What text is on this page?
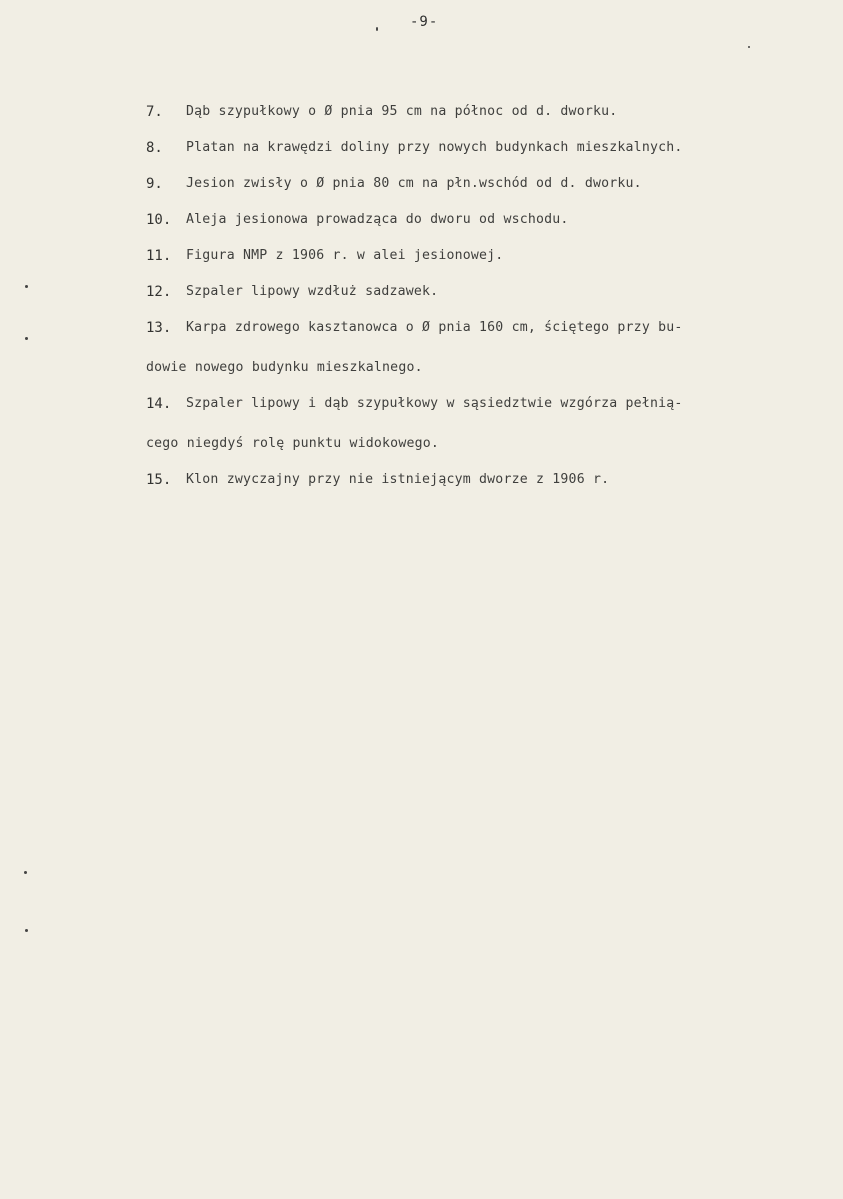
-9-
7. Dąb szypułkowy o Ø pnia 95 cm na północ od d. dworku.
8. Platan na krawędzi doliny przy nowych budynkach mieszkalnych.
9. Jesion zwisły o Ø pnia 80 cm na płn.wschód od d. dworku.
10. Aleja jesionowa prowadząca do dworu od wschodu.
11. Figura NMP z 1906 r. w alei jesionowej.
12. Szpaler lipowy wzdłuż sadzawek.
13. Karpa zdrowego kasztanowca o Ø pnia 160 cm, ściętego przy bu-
dowie nowego budynku mieszkalnego.
14. Szpaler lipowy i dąb szypułkowy w sąsiedztwie wzgórza pełnią-
cego niegdyś rolę punktu widokowego.
15. Klon zwyczajny przy nie istniejącym dworze z 1906 r.
